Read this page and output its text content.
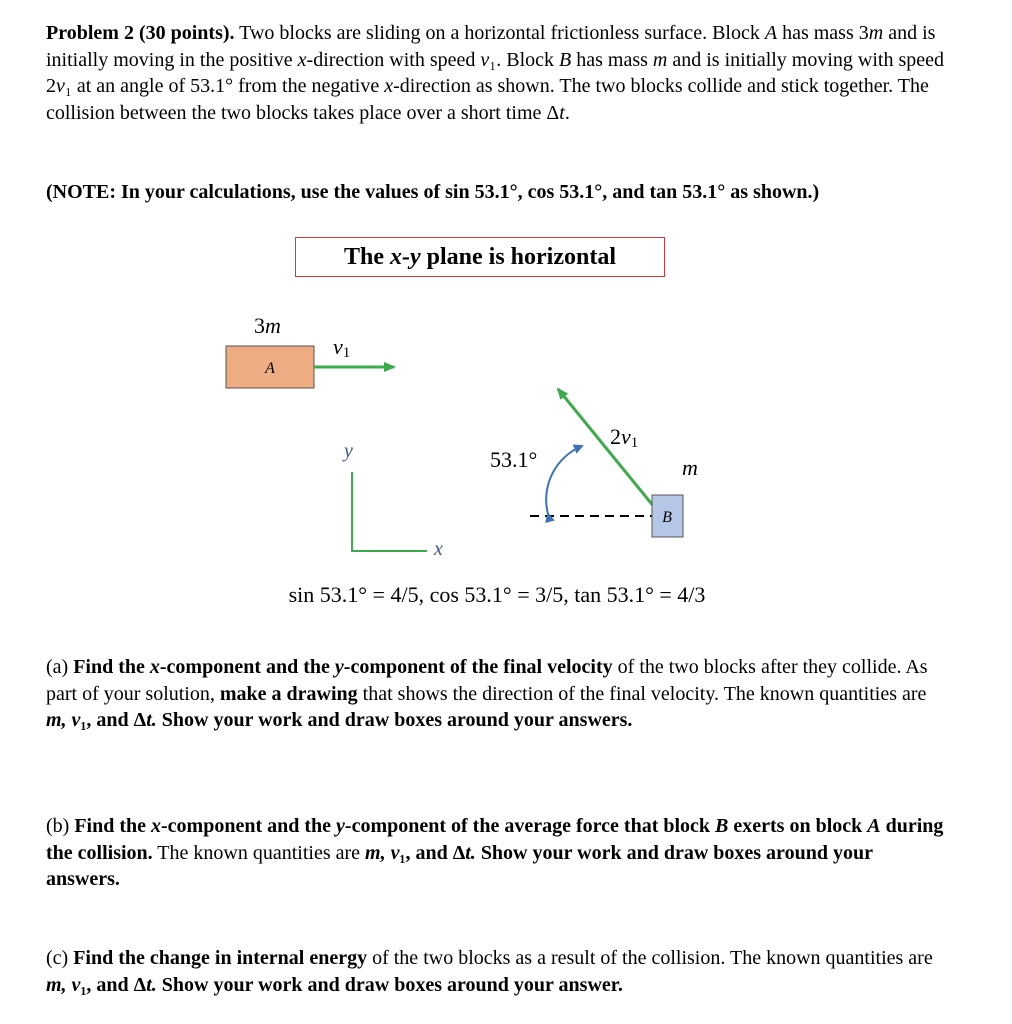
Problem 2 (30 points). Two blocks are sliding on a horizontal frictionless surface. Block A has mass 3m and is initially moving in the positive x-direction with speed v₁. Block B has mass m and is initially moving with speed 2v₁ at an angle of 53.1° from the negative x-direction as shown. The two blocks collide and stick together. The collision between the two blocks takes place over a short time Δt.
(NOTE: In your calculations, use the values of sin 53.1°, cos 53.1°, and tan 53.1° as shown.)
The
x-y
plane is horizontal
3m
A
v1
y
x
53.1°
2v1
m
B
sin 53.1° = 4/5, cos 53.1° = 3/5, tan 53.1° = 4/3
(a) Find the x-component and the y-component of the final velocity of the two blocks after they collide. As part of your solution, make a drawing that shows the direction of the final velocity. The known quantities are m, v₁, and Δt. Show your work and draw boxes around your answers.
(b) Find the x-component and the y-component of the average force that block B exerts on block A during the collision. The known quantities are m, v₁, and Δt. Show your work and draw boxes around your answers.
(c) Find the change in internal energy of the two blocks as a result of the collision. The known quantities are m, v₁, and Δt. Show your work and draw boxes around your answer.
